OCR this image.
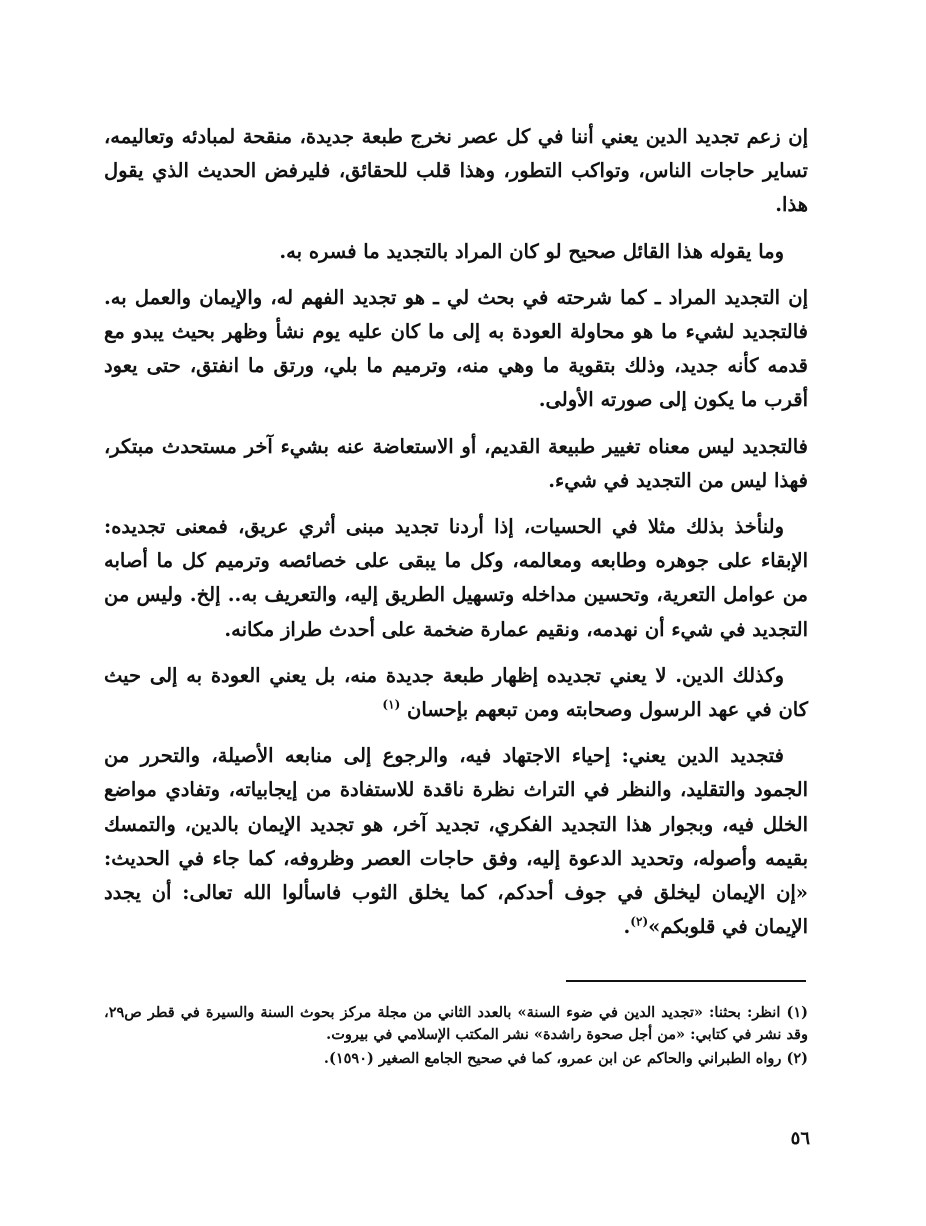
إن زعم تجديد الدين يعني أننا في كل عصر نخرج طبعة جديدة، منقحة لمبادئه وتعاليمه، تساير حاجات الناس، وتواكب التطور، وهذا قلب للحقائق، فليرفض الحديث الذي يقول هذا.

وما يقوله هذا القائل صحيح لو كان المراد بالتجديد ما فسره به.

إن التجديد المراد ـ كما شرحته في بحث لي ـ هو تجديد الفهم له، والإيمان والعمل به. فالتجديد لشيء ما هو محاولة العودة به إلى ما كان عليه يوم نشأ وظهر بحيث يبدو مع قدمه كأنه جديد، وذلك بتقوية ما وهي منه، وترميم ما بلي، ورتق ما انفتق، حتى يعود أقرب ما يكون إلى صورته الأولى.

فالتجديد ليس معناه تغيير طبيعة القديم، أو الاستعاضة عنه بشيء آخر مستحدث مبتكر، فهذا ليس من التجديد في شيء.

ولنأخذ بذلك مثلا في الحسيات، إذا أردنا تجديد مبنى أثري عريق، فمعنى تجديده: الإبقاء على جوهره وطابعه ومعالمه، وكل ما يبقى على خصائصه وترميم كل ما أصابه من عوامل التعرية، وتحسين مداخله وتسهيل الطريق إليه، والتعريف به.. إلخ. وليس من التجديد في شيء أن نهدمه، ونقيم عمارة ضخمة على أحدث طراز مكانه.

وكذلك الدين. لا يعني تجديده إظهار طبعة جديدة منه، بل يعني العودة به إلى حيث كان في عهد الرسول وصحابته ومن تبعهم بإحسان $^{(١)}$

فتجديد الدين يعني: إحياء الاجتهاد فيه، والرجوع إلى منابعه الأصيلة، والتحرر من الجمود والتقليد، والنظر في التراث نظرة ناقدة للاستفادة من إيجابياته، وتفادي مواضع الخلل فيه، وبجوار هذا التجديد الفكري، تجديد آخر، هو تجديد الإيمان بالدين، والتمسك بقيمه وأصوله، وتحديد الدعوة إليه، وفق حاجات العصر وظروفه، كما جاء في الحديث: «إن الإيمان ليخلق في جوف أحدكم، كما يخلق الثوب فاسألوا الله تعالى: أن يجدد الإيمان في قلوبكم»$^{(٢)}$.

(١) انظر: بحثنا: «تجديد الدين في ضوء السنة» بالعدد الثاني من مجلة مركز بحوث السنة والسيرة في قطر ص٢٩، وقد نشر في كتابي: «من أجل صحوة راشدة» نشر المكتب الإسلامي في بيروت.

(٢) رواه الطبراني والحاكم عن ابن عمرو، كما في صحيح الجامع الصغير (١٥٩٠).

٥٦
